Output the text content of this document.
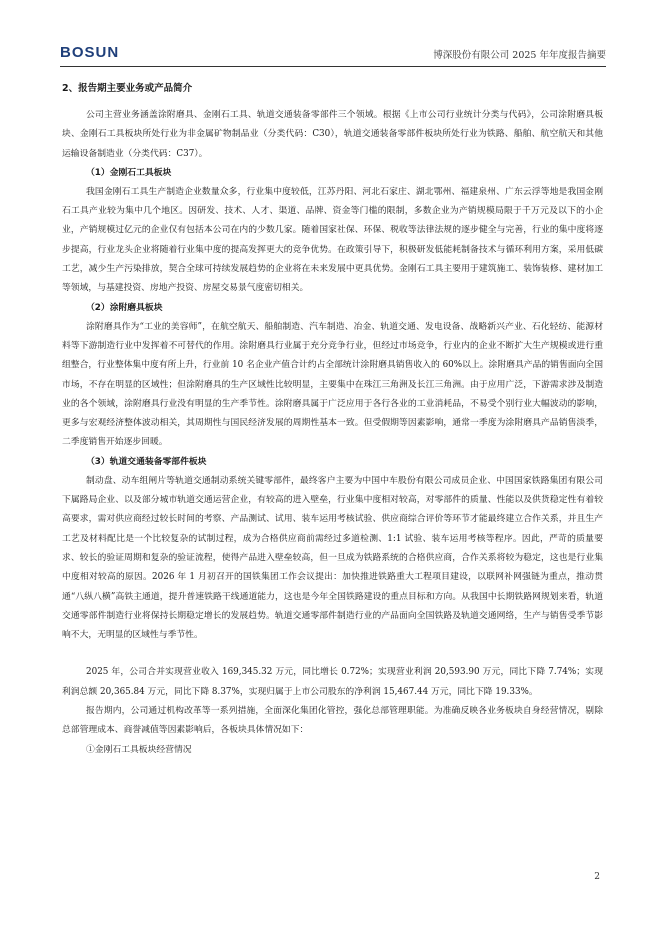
BOSUN	博深股份有限公司 2025 年年度报告摘要
2、报告期主要业务或产品简介

公司主营业务涵盖涂附磨具、金刚石工具、轨道交通装备零部件三个领域。根据《上市公司行业统计分类与代码》，公司涂附磨具板块、金刚石工具板块所处行业为非金属矿物制品业（分类代码：C30），轨道交通装备零部件板块所处行业为铁路、船舶、航空航天和其他运输设备制造业（分类代码：C37）。

（1）金刚石工具板块

我国金刚石工具生产制造企业数量众多，行业集中度较低，江苏丹阳、河北石家庄、湖北鄂州、福建泉州、广东云浮等地是我国金刚石工具产业较为集中几个地区。因研发、技术、人才、渠道、品牌、资金等门槛的限制，多数企业为产销规模局限于千万元及以下的小企业，产销规模过亿元的企业仅有包括本公司在内的少数几家。随着国家社保、环保、税收等法律法规的逐步健全与完善，行业的集中度将逐步提高，行业龙头企业将随着行业集中度的提高发挥更大的竞争优势。在政策引导下，积极研发低能耗制备技术与循环利用方案，采用低碳工艺，减少生产污染排放，契合全球可持续发展趋势的企业将在未来发展中更具优势。金刚石工具主要用于建筑施工、装饰装修、建材加工等领域，与基建投资、房地产投资、房屋交易景气度密切相关。

（2）涂附磨具板块

涂附磨具作为“工业的美容师”，在航空航天、船舶制造、汽车制造、冶金、轨道交通、发电设备、战略新兴产业、石化轻纺、能源材料等下游制造行业中发挥着不可替代的作用。涂附磨具行业属于充分竞争行业，但经过市场竞争，行业内的企业不断扩大生产规模或进行重组整合，行业整体集中度有所上升，行业前 10 名企业产值合计约占全部统计涂附磨具销售收入的 60%以上。涂附磨具产品的销售面向全国市场，不存在明显的区域性；但涂附磨具的生产区域性比较明显，主要集中在珠江三角洲及长江三角洲。由于应用广泛，下游需求涉及制造业的各个领域，涂附磨具行业没有明显的生产季节性。涂附磨具属于广泛应用于各行各业的工业消耗品，不易受个别行业大幅波动的影响，更多与宏观经济整体波动相关，其周期性与国民经济发展的周期性基本一致。但受假期等因素影响，通常一季度为涂附磨具产品销售淡季，二季度销售开始逐步回暖。

（3）轨道交通装备零部件板块

制动盘、动车组闸片等轨道交通制动系统关键零部件，最终客户主要为中国中车股份有限公司成员企业、中国国家铁路集团有限公司下属路局企业、以及部分城市轨道交通运营企业，有较高的进入壁垒，行业集中度相对较高，对零部件的质量、性能以及供货稳定性有着较高要求，需对供应商经过较长时间的考察、产品测试、试用、装车运用考核试验、供应商综合评价等环节才能最终建立合作关系，并且生产工艺及材料配比是一个比较复杂的试制过程，成为合格供应商前需经过多道检测、1:1 试验、装车运用考核等程序。因此，严苛的质量要求、较长的验证周期和复杂的验证流程，使得产品进入壁垒较高，但一旦成为铁路系统的合格供应商，合作关系将较为稳定，这也是行业集中度相对较高的原因。2026 年 1 月初召开的国铁集团工作会议提出：加快推进铁路重大工程项目建设，以联网补网强链为重点，推动贯通“八纵八横”高铁主通道，提升普速铁路干线通道能力，这也是今年全国铁路建设的重点目标和方向。从我国中长期铁路网规划来看，轨道交通零部件制造行业将保持长期稳定增长的发展趋势。轨道交通零部件制造行业的产品面向全国铁路及轨道交通网络，生产与销售受季节影响不大，无明显的区域性与季节性。

2025 年，公司合并实现营业收入 169,345.32 万元，同比增长 0.72%；实现营业利润 20,593.90 万元，同比下降 7.74%；实现利润总额 20,365.84 万元，同比下降 8.37%，实现归属于上市公司股东的净利润 15,467.44 万元，同比下降 19.33%。

报告期内，公司通过机构改革等一系列措施，全面深化集团化管控，强化总部管理职能。为准确反映各业务板块自身经营情况，剔除总部管理成本、商誉减值等因素影响后，各板块具体情况如下：

①金刚石工具板块经营情况

2
